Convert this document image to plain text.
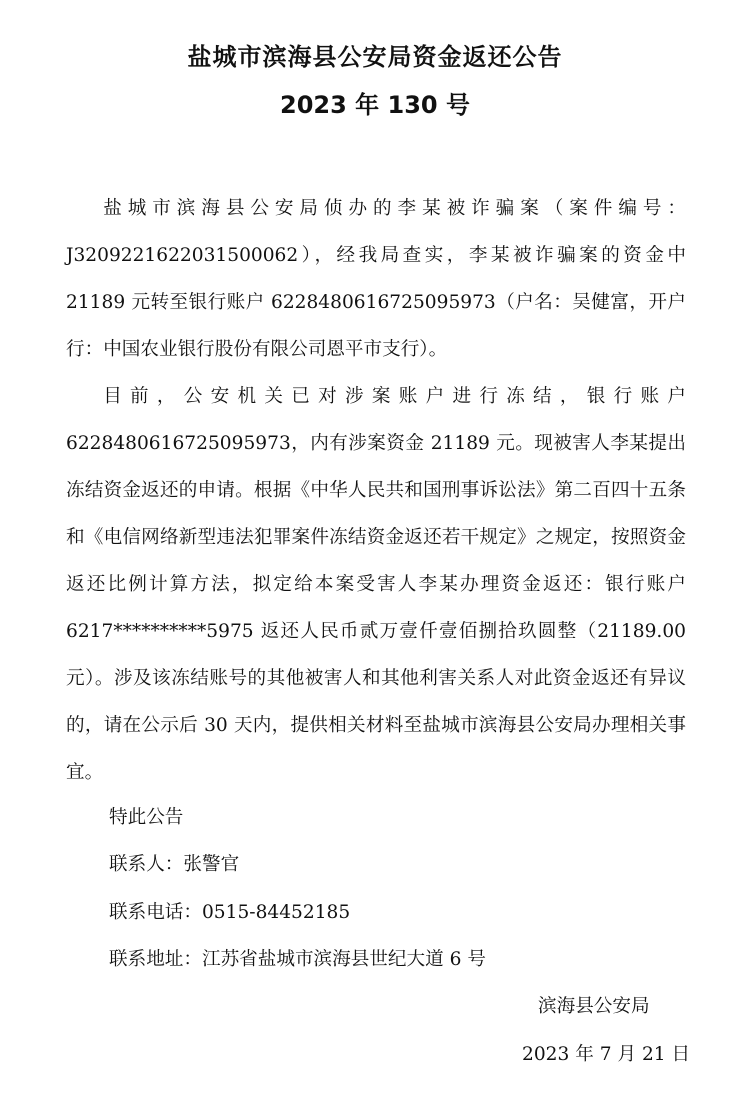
盐城市滨海县公安局资金返还公告
2023 年 130 号

盐城市滨海县公安局侦办的李某被诈骗案（案件编号：J3209221622031500062），经我局查实，李某被诈骗案的资金中 21189 元转至银行账户 6228480616725095973（户名：吴健富，开户行：中国农业银行股份有限公司恩平市支行）。

目前，公安机关已对涉案账户进行冻结，银行账户 6228480616725095973，内有涉案资金 21189 元。现被害人李某提出冻结资金返还的申请。根据《中华人民共和国刑事诉讼法》第二百四十五条和《电信网络新型违法犯罪案件冻结资金返还若干规定》之规定，按照资金返还比例计算方法，拟定给本案受害人李某办理资金返还：银行账户 6217**********5975 返还人民币贰万壹仟壹佰捌拾玖圆整（21189.00 元）。涉及该冻结账号的其他被害人和其他利害关系人对此资金返还有异议的，请在公示后 30 天内，提供相关材料至盐城市滨海县公安局办理相关事宜。

特此公告
联系人：张警官
联系电话：0515-84452185
联系地址：江苏省盐城市滨海县世纪大道 6 号
滨海县公安局
2023 年 7 月 21 日
